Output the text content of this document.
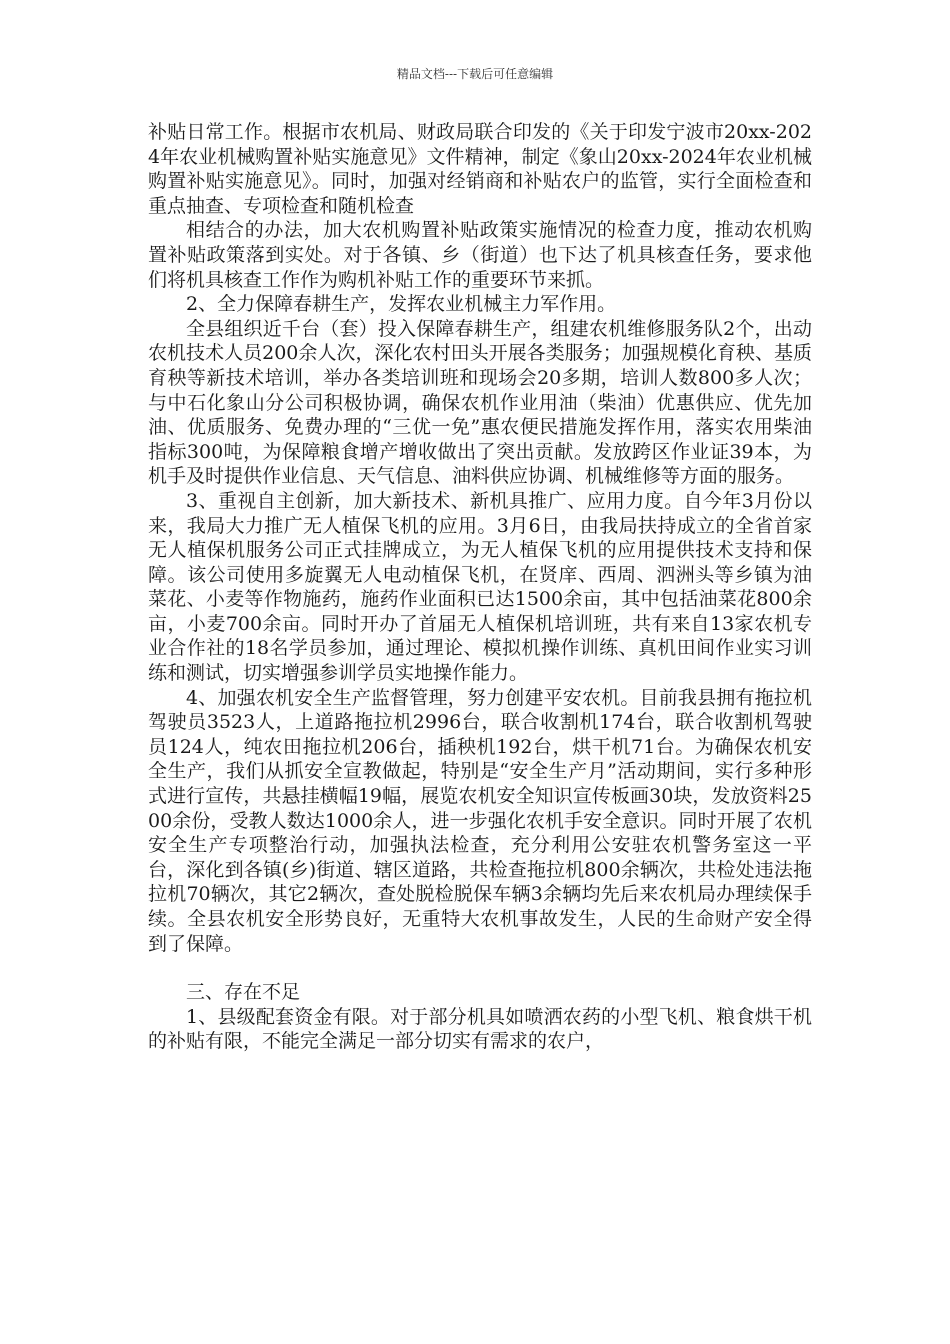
精品文档---下载后可任意编辑

补贴日常工作。根据市农机局、财政局联合印发的《关于印发宁波市20xx-2024年农业机械购置补贴实施意见》文件精神，制定《象山20xx-2024年农业机械购置补贴实施意见》。同时，加强对经销商和补贴农户的监管，实行全面检查和重点抽查、专项检查和随机检查

相结合的办法，加大农机购置补贴政策实施情况的检查力度，推动农机购置补贴政策落到实处。对于各镇、乡（街道）也下达了机具核查任务，要求他们将机具核查工作作为购机补贴工作的重要环节来抓。

2、全力保障春耕生产，发挥农业机械主力军作用。

全县组织近千台（套）投入保障春耕生产，组建农机维修服务队2个，出动农机技术人员200余人次，深化农村田头开展各类服务；加强规模化育秧、基质育秧等新技术培训，举办各类培训班和现场会20多期，培训人数800多人次；与中石化象山分公司积极协调，确保农机作业用油（柴油）优惠供应、优先加油、优质服务、免费办理的“三优一免”惠农便民措施发挥作用，落实农用柴油指标300吨，为保障粮食增产增收做出了突出贡献。发放跨区作业证39本，为机手及时提供作业信息、天气信息、油料供应协调、机械维修等方面的服务。

3、重视自主创新，加大新技术、新机具推广、应用力度。自今年3月份以来，我局大力推广无人植保飞机的应用。3月6日，由我局扶持成立的全省首家无人植保机服务公司正式挂牌成立，为无人植保飞机的应用提供技术支持和保障。该公司使用多旋翼无人电动植保飞机，在贤庠、西周、泗洲头等乡镇为油菜花、小麦等作物施药，施药作业面积已达1500余亩，其中包括油菜花800余亩，小麦700余亩。同时开办了首届无人植保机培训班，共有来自13家农机专业合作社的18名学员参加，通过理论、模拟机操作训练、真机田间作业实习训练和测试，切实增强参训学员实地操作能力。

4、加强农机安全生产监督管理，努力创建平安农机。目前我县拥有拖拉机驾驶员3523人，上道路拖拉机2996台，联合收割机174台，联合收割机驾驶员124人，纯农田拖拉机206台，插秧机192台，烘干机71台。为确保农机安全生产，我们从抓安全宣教做起，特别是“安全生产月”活动期间，实行多种形式进行宣传，共悬挂横幅19幅，展览农机安全知识宣传板画30块，发放资料2500余份，受教人数达1000余人，进一步强化农机手安全意识。同时开展了农机安全生产专项整治行动，加强执法检查，充分利用公安驻农机警务室这一平台，深化到各镇(乡)街道、辖区道路，共检查拖拉机800余辆次，共检处违法拖拉机70辆次，其它2辆次，查处脱检脱保车辆3余辆均先后来农机局办理续保手续。全县农机安全形势良好，无重特大农机事故发生，人民的生命财产安全得到了保障。

三、存在不足

1、县级配套资金有限。对于部分机具如喷洒农药的小型飞机、粮食烘干机的补贴有限，不能完全满足一部分切实有需求的农户，
